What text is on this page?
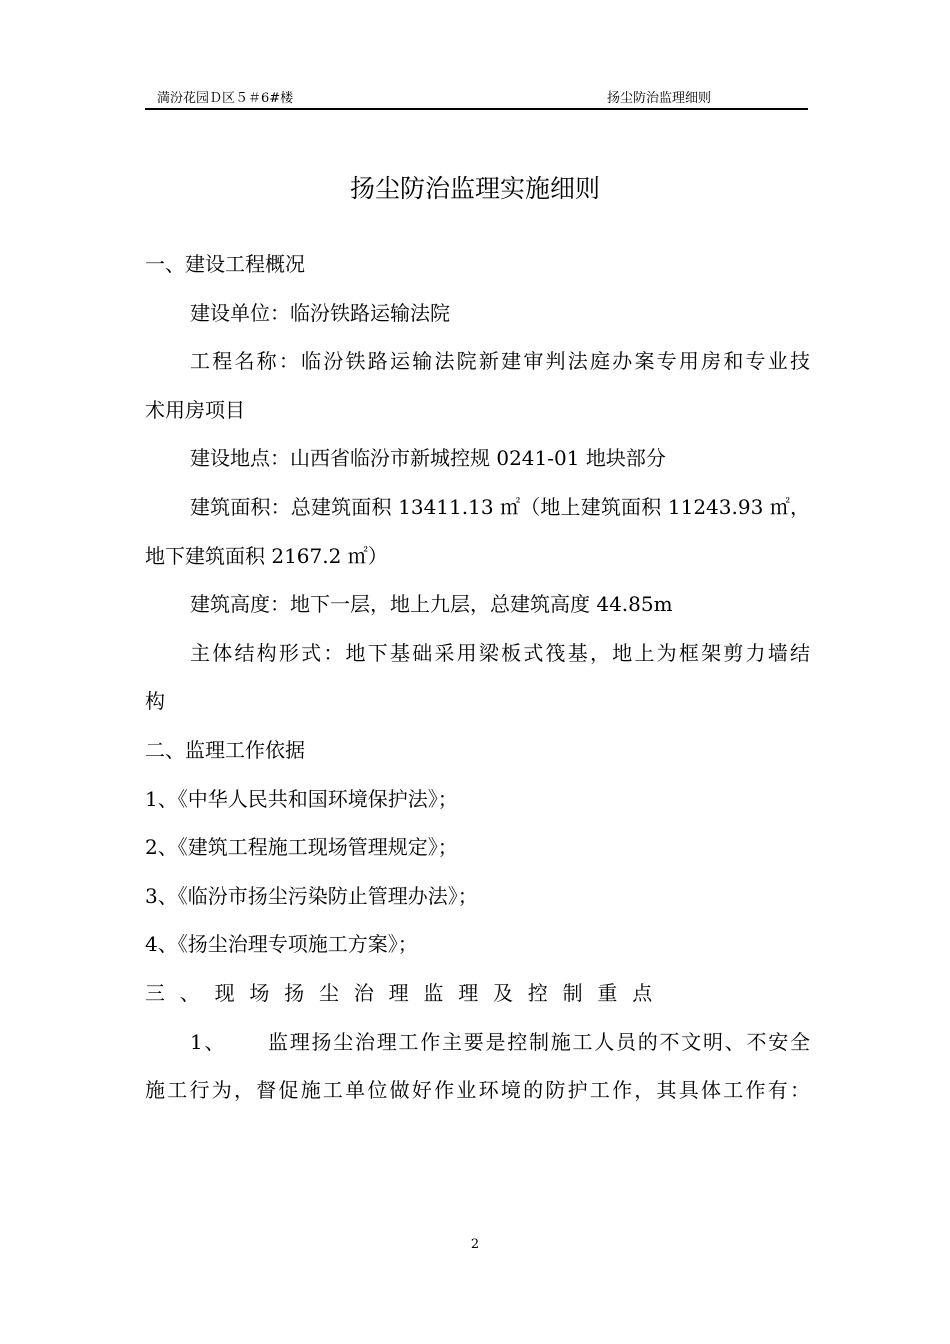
満汾花园Ｄ区５＃6#楼	扬尘防治监理细则
扬尘防治监理实施细则
一、建设工程概况
建设单位：临汾铁路运输法院
工程名称：临汾铁路运输法院新建审判法庭办案专用房和专业技
术用房项目
建设地点：山西省临汾市新城控规 0241-01 地块部分
建筑面积：总建筑面积 13411.13 ㎡（地上建筑面积 11243.93 ㎡，
地下建筑面积 2167.2 ㎡）
建筑高度：地下一层，地上九层，总建筑高度 44.85m
主体结构形式：地下基础采用梁板式筏基，地上为框架剪力墙结
构
二、监理工作依据
1、《中华人民共和国环境保护法》；
2、《建筑工程施工现场管理规定》；
3、《临汾市扬尘污染防止管理办法》；
4、《扬尘治理专项施工方案》；
三、现场扬尘治理监理及控制重点
1、 监理扬尘治理工作主要是控制施工人员的不文明、不安全
施工行为，督促施工单位做好作业环境的防护工作，其具体工作有：
2
